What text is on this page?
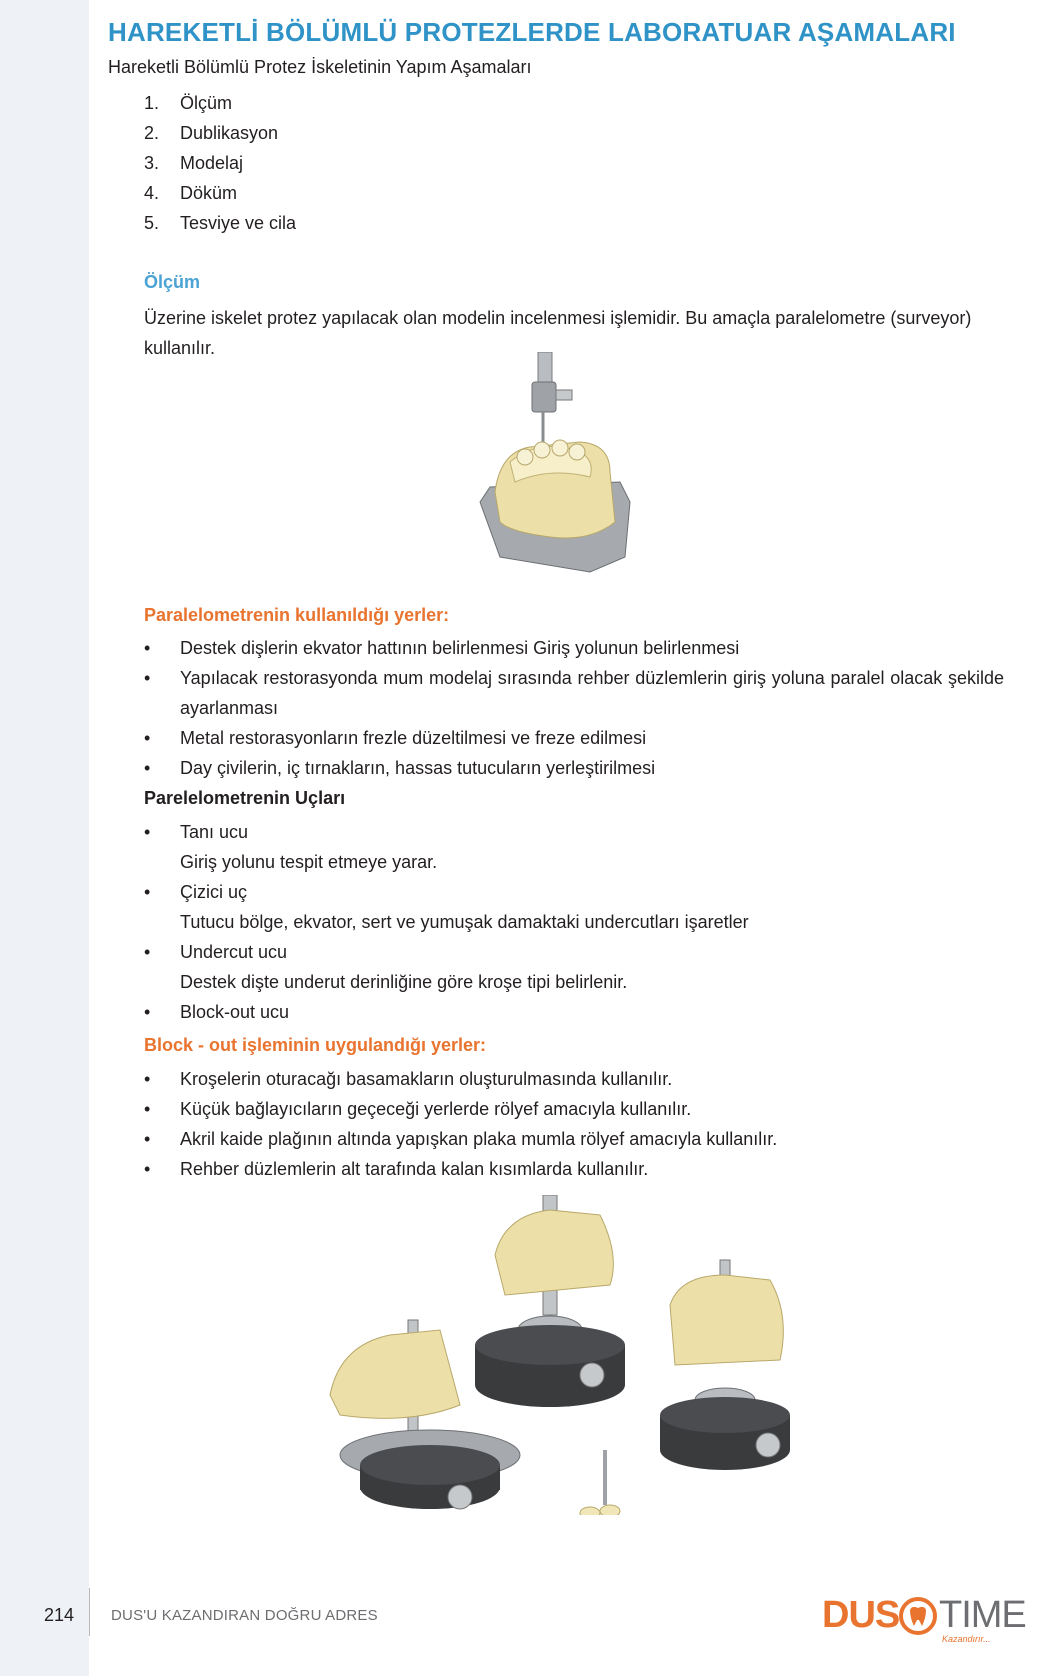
HAREKETLİ BÖLÜMLÜ PROTEZLERDE LABORATUAR AŞAMALARI
Hareketli Bölümlü Protez İskeletinin Yapım Aşamaları
1. Ölçüm
2. Dublikasyon
3. Modelaj
4. Döküm
5. Tesviye ve cila
Ölçüm
Üzerine iskelet protez yapılacak olan modelin incelenmesi işlemidir. Bu amaçla paralelometre (surveyor) kullanılır.
Paralelometrenin kullanıldığı yerler:
• Destek dişlerin ekvator hattının belirlenmesi Giriş yolunun belirlenmesi
• Yapılacak restorasyonda mum modelaj sırasında rehber düzlemlerin giriş yoluna paralel olacak şekilde ayarlanması
• Metal restorasyonların frezle düzeltilmesi ve freze edilmesi
• Day çivilerin, iç tırnakların, hassas tutucuların yerleştirilmesi
Parelelometrenin Uçları
• Tanı ucu
Giriş yolunu tespit etmeye yarar.
• Çizici uç
Tutucu bölge, ekvator, sert ve yumuşak damaktaki undercutları işaretler
• Undercut ucu
Destek dişte underut derinliğine göre kroşe tipi belirlenir.
• Block-out ucu
Block - out işleminin uygulandığı yerler:
• Kroşelerin oturacağı basamakların oluşturulmasında kullanılır.
• Küçük bağlayıcıların geçeceği yerlerde rölyef amacıyla kullanılır.
• Akril kaide plağının altında yapışkan plaka mumla rölyef amacıyla kullanılır.
• Rehber düzlemlerin alt tarafında kalan kısımlarda kullanılır.
214 DUS'U KAZANDIRAN DOĞRU ADRES	DUS TIME
Kazandırır...
